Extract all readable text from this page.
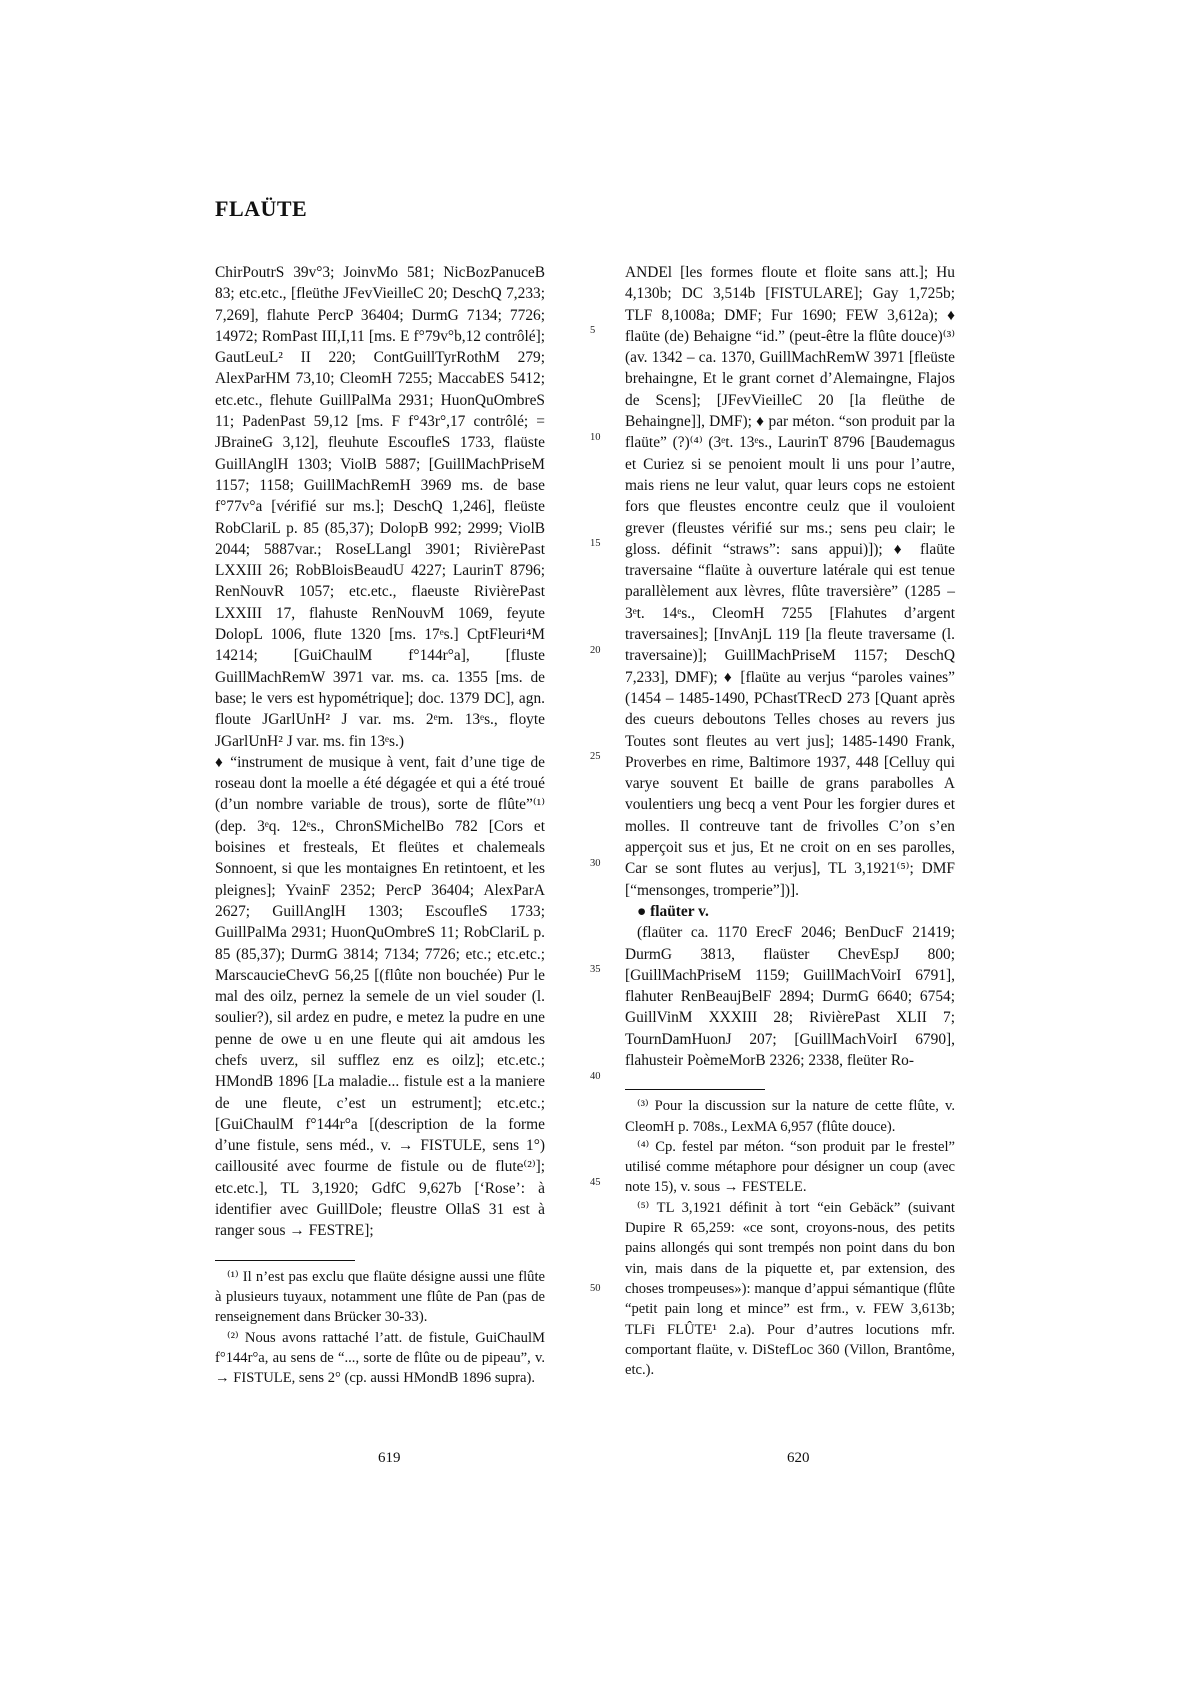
FLAÜTE

ChirPoutrS 39v°3; JoinvMo 581; NicBozPanuceB 83; etc.etc., [fleüthe JFevVieilleC 20; DeschQ 7,233; 7,269], flahute PercP 36404; DurmG 7134; 7726; 14972; RomPast III,I,11 [ms. E f°79v°b,12 contrôlé]; GautLeuL² II 220; ContGuillTyrRothM 279; AlexParHM 73,10; CleomH 7255; MaccabES 5412; etc.etc., flehute GuillPalMa 2931; HuonQuOmbreS 11; PadenPast 59,12 [ms. F f°43r°,17 contrôlé; = JBraineG 3,12], fleuhute EscoufleS 1733, flaüste GuillAnglH 1303; ViolB 5887; [GuillMachPriseM 1157; 1158; GuillMachRemH 3969 ms. de base f°77v°a [vérifié sur ms.]; DeschQ 1,246], fleüste RobClariL p. 85 (85,37); DolopB 992; 2999; ViolB 2044; 5887var.; RoseLLangl 3901; RivièrePast LXXIII 26; RobBloisBeaudU 4227; LaurinT 8796; RenNouvR 1057; etc.etc., flaeuste RivièrePast LXXIII 17, flahuste RenNouvM 1069, feyute DolopL 1006, flute 1320 [ms. 17ᵉs.] CptFleuri⁴M 14214; [GuiChaulM f°144r°a], [fluste GuillMachRemW 3971 var. ms. ca. 1355 [ms. de base; le vers est hypométrique]; doc. 1379 DC], agn. floute JGarlUnH² J var. ms. 2ᵉm. 13ᵉs., floyte JGarlUnH² J var. ms. fin 13ᵉs.)

♦ “instrument de musique à vent, fait d’une tige de roseau dont la moelle a été dégagée et qui a été troué (d’un nombre variable de trous), sorte de flûte”⁽¹⁾ (dep. 3ᵉq. 12ᵉs., ChronSMichelBo 782 [Cors et boisines et fresteals, Et fleütes et chalemeals Sonnoent, si que les montaignes En retintoent, et les pleignes]; YvainF 2352; PercP 36404; AlexParA 2627; GuillAnglH 1303; EscoufleS 1733; GuillPalMa 2931; HuonQuOmbreS 11; RobClariL p. 85 (85,37); DurmG 3814; 7134; 7726; etc.; etc.etc.; MarscaucieChevG 56,25 [(flûte non bouchée) Pur le mal des oilz, pernez la semele de un viel souder (l. soulier?), sil ardez en pudre, e metez la pudre en une penne de owe u en une fleute qui ait amdous les chefs uverz, sil sufflez enz es oilz]; etc.etc.; HMondB 1896 [La maladie... fistule est a la maniere de une fleute, c’est un estrument]; etc.etc.; [GuiChaulM f°144r°a [(description de la forme d’une fistule, sens méd., v. → FISTULE, sens 1°) caillousité avec fourme de fistule ou de flute⁽²⁾]; etc.etc.], TL 3,1920; GdfC 9,627b [‘Rose’: à identifier avec GuillDole; fleustre OllaS 31 est à ranger sous → FESTRE];

⁽¹⁾ Il n’est pas exclu que flaüte désigne aussi une flûte à plusieurs tuyaux, notamment une flûte de Pan (pas de renseignement dans Brücker 30-33).

⁽²⁾ Nous avons rattaché l’att. de fistule, GuiChaulM f°144r°a, au sens de “..., sorte de flûte ou de pipeau”, v. → FISTULE, sens 2° (cp. aussi HMondB 1896 supra).

5
10
15
20
25
30
35
40
45
50

ANDEl [les formes floute et floite sans att.]; Hu 4,130b; DC 3,514b [FISTULARE]; Gay 1,725b; TLF 8,1008a; DMF; Fur 1690; FEW 3,612a); ♦ flaüte (de) Behaigne “id.” (peut-être la flûte douce)⁽³⁾ (av. 1342 – ca. 1370, GuillMachRemW 3971 [fleüste brehaingne, Et le grant cornet d’Alemaingne, Flajos de Scens]; [JFevVieilleC 20 [la fleüthe de Behaingne]], DMF); ♦ par méton. “son produit par la flaüte” (?)⁽⁴⁾ (3ᵉt. 13ᵉs., LaurinT 8796 [Baudemagus et Curiez si se penoient moult li uns pour l’autre, mais riens ne leur valut, quar leurs cops ne estoient fors que fleustes encontre ceulz que il vouloient grever (fleustes vérifié sur ms.; sens peu clair; le gloss. définit “straws”: sans appui)]); ♦ flaüte traversaine “flaüte à ouverture latérale qui est tenue parallèlement aux lèvres, flûte traversière” (1285 – 3ᵉt. 14ᵉs., CleomH 7255 [Flahutes d’argent traversaines]; [InvAnjL 119 [la fleute traversame (l. traversaine)]; GuillMachPriseM 1157; DeschQ 7,233], DMF); ♦ [flaüte au verjus “paroles vaines” (1454 – 1485-1490, PChastTRecD 273 [Quant après des cueurs deboutons Telles choses au revers jus Toutes sont fleutes au vert jus]; 1485-1490 Frank, Proverbes en rime, Baltimore 1937, 448 [Celluy qui varye souvent Et baille de grans parabolles A voulentiers ung becq a vent Pour les forgier dures et molles. Il contreuve tant de frivolles C’on s’en apperçoit sus et jus, Et ne croit on en ses parolles, Car se sont flutes au verjus], TL 3,1921⁽⁵⁾; DMF [“mensonges, tromperie”])].

● flaüter v.

(flaüter ca. 1170 ErecF 2046; BenDucF 21419; DurmG 3813, flaüster ChevEspJ 800; [GuillMachPriseM 1159; GuillMachVoirI 6791], flahuter RenBeaujBelF 2894; DurmG 6640; 6754; GuillVinM XXXIII 28; RivièrePast XLII 7; TournDamHuonJ 207; [GuillMachVoirI 6790], flahusteir PoèmeMorB 2326; 2338, fleüter Ro-

⁽³⁾ Pour la discussion sur la nature de cette flûte, v. CleomH p. 708s., LexMA 6,957 (flûte douce).

⁽⁴⁾ Cp. festel par méton. “son produit par le frestel” utilisé comme métaphore pour désigner un coup (avec note 15), v. sous → FESTELE.

⁽⁵⁾ TL 3,1921 définit à tort “ein Gebäck” (suivant Dupire R 65,259: «ce sont, croyons-nous, des petits pains allongés qui sont trempés non point dans du bon vin, mais dans de la piquette et, par extension, des choses trompeuses»): manque d’appui sémantique (flûte “petit pain long et mince” est frm., v. FEW 3,613b; TLFi FLÛTE¹ 2.a). Pour d’autres locutions mfr. comportant flaüte, v. DiStefLoc 360 (Villon, Brantôme, etc.).

619	620
